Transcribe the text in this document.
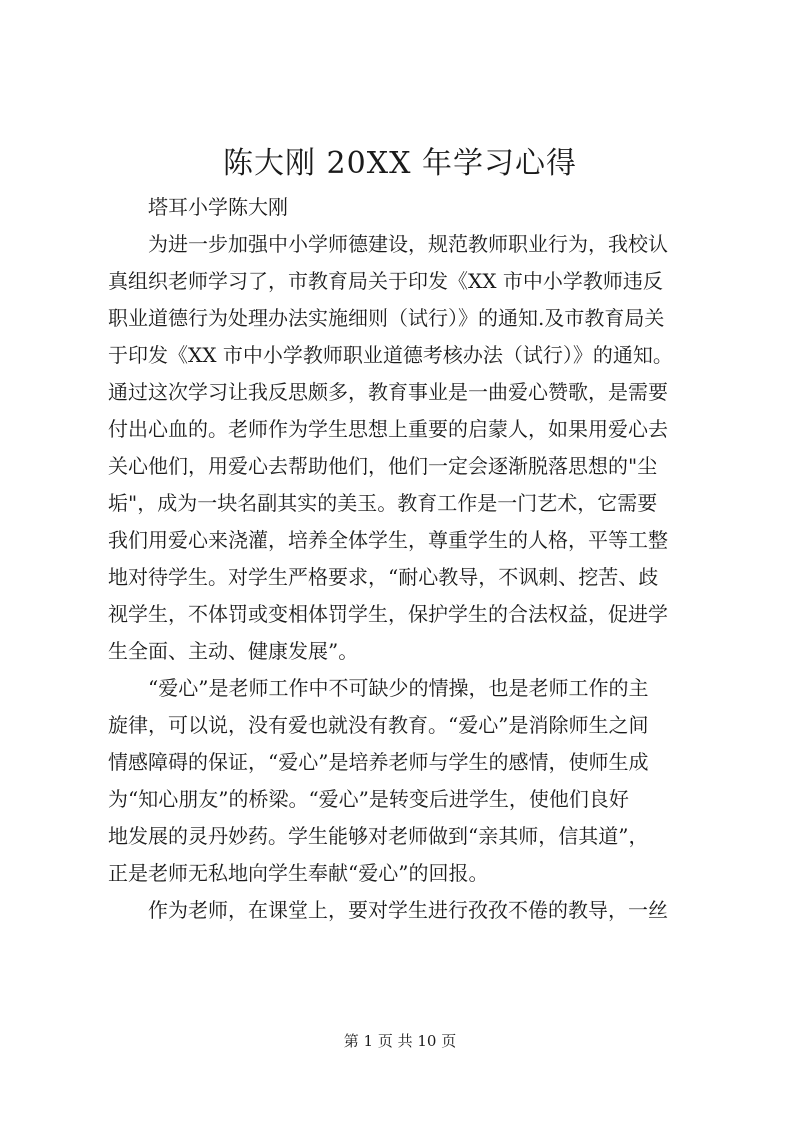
陈大刚 20XX 年学习心得

塔耳小学陈大刚

为进一步加强中小学师德建设，规范教师职业行为，我校认
真组织老师学习了，市教育局关于印发《XX 市中小学教师违反
职业道德行为处理办法实施细则（试行）》的通知.及市教育局关
于印发《XX 市中小学教师职业道德考核办法（试行）》的通知。
通过这次学习让我反思颇多，教育事业是一曲爱心赞歌，是需要
付出心血的。老师作为学生思想上重要的启蒙人，如果用爱心去
关心他们，用爱心去帮助他们，他们一定会逐渐脱落思想的"尘
垢"，成为一块名副其实的美玉。教育工作是一门艺术，它需要
我们用爱心来浇灌，培养全体学生，尊重学生的人格，平等工整
地对待学生。对学生严格要求，“耐心教导，不讽刺、挖苦、歧
视学生，不体罚或变相体罚学生，保护学生的合法权益，促进学
生全面、主动、健康发展”。

“爱心”是老师工作中不可缺少的情操，也是老师工作的主
旋律，可以说，没有爱也就没有教育。“爱心”是消除师生之间
情感障碍的保证，“爱心”是培养老师与学生的感情，使师生成
为“知心朋友”的桥梁。“爱心”是转变后进学生，使他们良好
地发展的灵丹妙药。学生能够对老师做到“亲其师，信其道”，
正是老师无私地向学生奉献“爱心”的回报。

作为老师，在课堂上，要对学生进行孜孜不倦的教导，一丝

第 1 页 共 10 页
